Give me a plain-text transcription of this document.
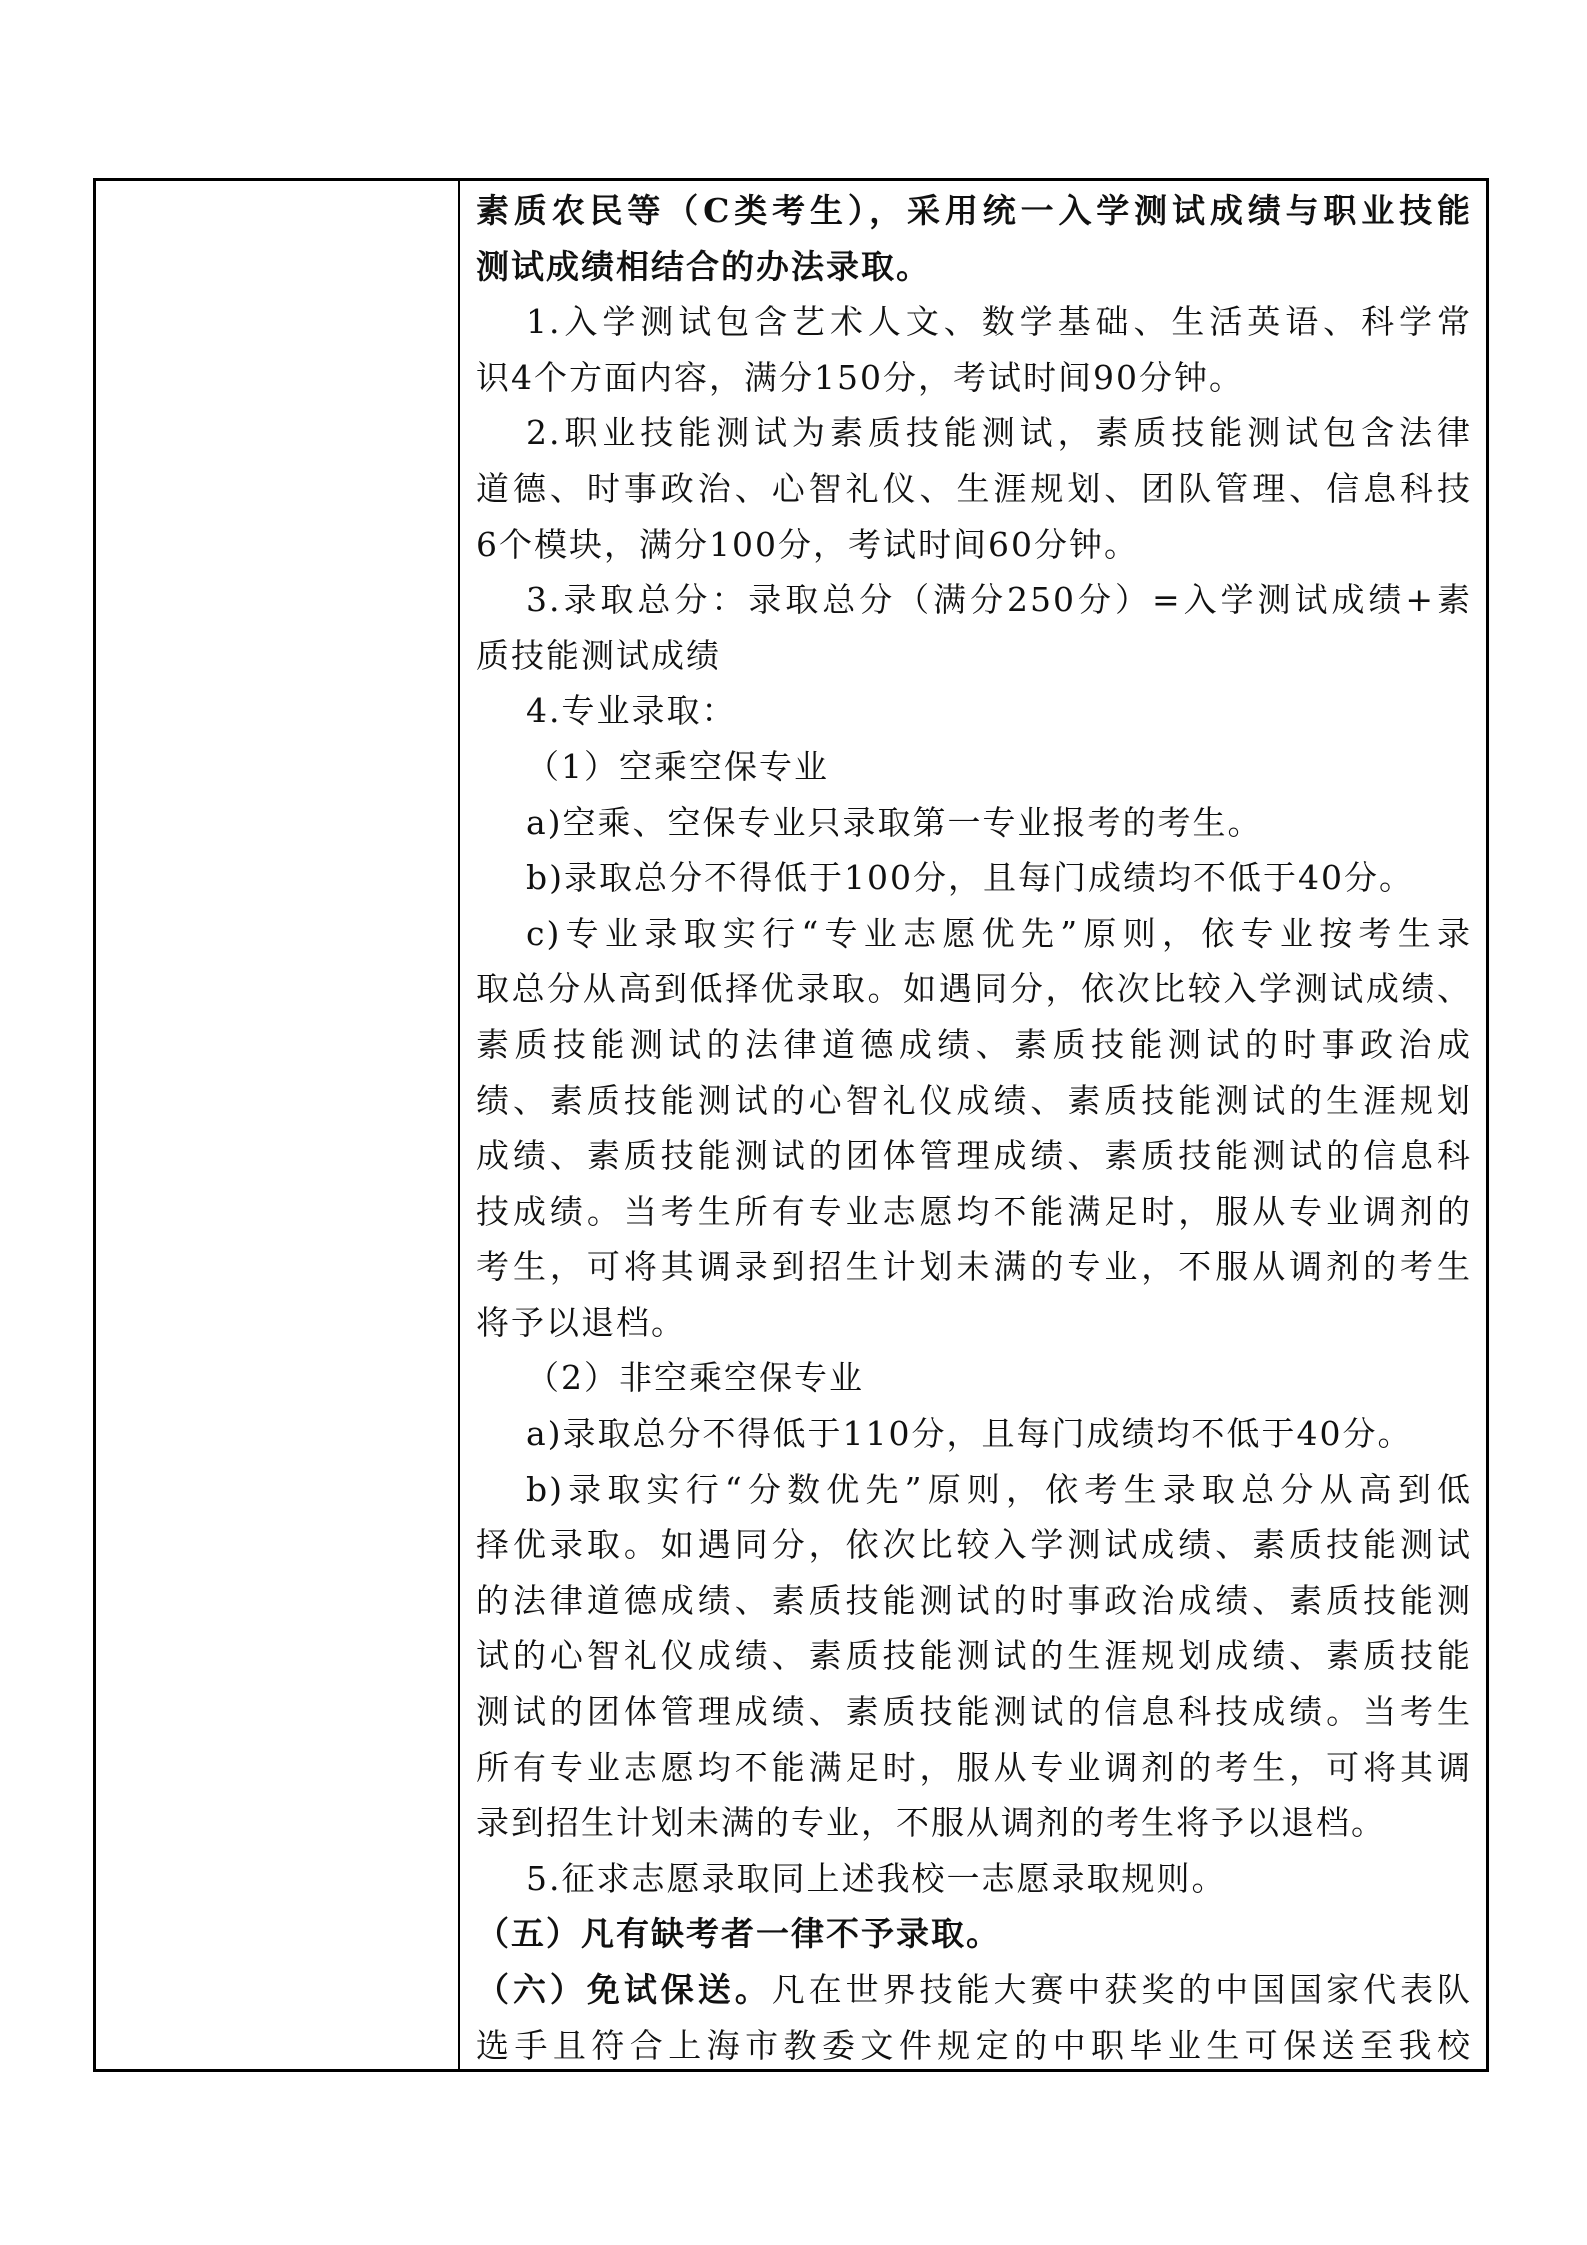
素质农民等（C类考生），采用统一入学测试成绩与职业技能
测试成绩相结合的办法录取。
1.入学测试包含艺术人文、数学基础、生活英语、科学常
识4个方面内容，满分150分，考试时间90分钟。
2.职业技能测试为素质技能测试，素质技能测试包含法律
道德、时事政治、心智礼仪、生涯规划、团队管理、信息科技
6个模块，满分100分，考试时间60分钟。
3.录取总分：录取总分（满分250分）=入学测试成绩+素
质技能测试成绩
4.专业录取：
（1）空乘空保专业
a)空乘、空保专业只录取第一专业报考的考生。
b)录取总分不得低于100分，且每门成绩均不低于40分。
c)专业录取实行“专业志愿优先”原则，依专业按考生录
取总分从高到低择优录取。如遇同分，依次比较入学测试成绩、
素质技能测试的法律道德成绩、素质技能测试的时事政治成
绩、素质技能测试的心智礼仪成绩、素质技能测试的生涯规划
成绩、素质技能测试的团体管理成绩、素质技能测试的信息科
技成绩。当考生所有专业志愿均不能满足时，服从专业调剂的
考生，可将其调录到招生计划未满的专业，不服从调剂的考生
将予以退档。
（2）非空乘空保专业
a)录取总分不得低于110分，且每门成绩均不低于40分。
b)录取实行“分数优先”原则，依考生录取总分从高到低
择优录取。如遇同分，依次比较入学测试成绩、素质技能测试
的法律道德成绩、素质技能测试的时事政治成绩、素质技能测
试的心智礼仪成绩、素质技能测试的生涯规划成绩、素质技能
测试的团体管理成绩、素质技能测试的信息科技成绩。当考生
所有专业志愿均不能满足时，服从专业调剂的考生，可将其调
录到招生计划未满的专业，不服从调剂的考生将予以退档。
5.征求志愿录取同上述我校一志愿录取规则。
（五）凡有缺考者一律不予录取。
（六）免试保送。凡在世界技能大赛中获奖的中国国家代表队
选手且符合上海市教委文件规定的中职毕业生可保送至我校
